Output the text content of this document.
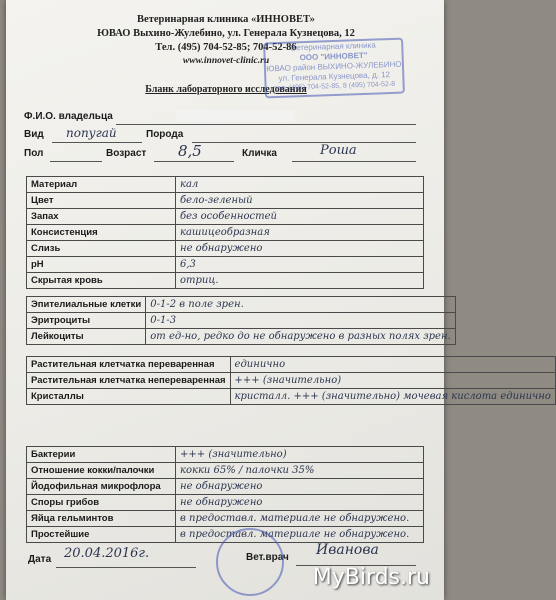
Ветеринарная клиника «ИННОВЕТ»
ЮВАО Выхино-Жулебино, ул. Генерала Кузнецова, 12
Тел. (495) 704-52-85; 704-52-86
www.innovet-clinic.ru
Бланк лабораторного исследования
Ветеринарная клиника
ООО "ИННОВЕТ"
ЮВАО район ВЫХИНО-ЖУЛЕБИНО
ул. Генерала Кузнецова, д. 12
тел. (495) 704-52-85, 8 (495) 704-52-8
Ф.И.О. владельца
Вид попугай	Порода
Пол	Возраст 8,5	Кличка	Роша
Материал	кал
Цвет	бело-зеленый
Запах	без особенностей
Консистенция	кашицеобразная
Слизь	не обнаружено
pH	6,3
Скрытая кровь	отриц.
Эпителиальные клетки	0-1-2 в поле зрен.
Эритроциты	0-1-3
Лейкоциты	от ед-но, редко до не обнаружено в разных полях зрен.
Растительная клетчатка переваренная	единично
Растительная клетчатка непереваренная	+++ (значительно)
Кристаллы	кристалл. +++ (значительно) мочевая кислота единично
Бактерии	+++ (значительно)
Отношение кокки/палочки	кокки 65% / палочки 35%
Йодофильная микрофлора	не обнаружено
Споры грибов	не обнаружено
Яйца гельминтов	в предоставл. материале не обнаружено.
Простейшие	в предоставл. материале не обнаружено.
Дата 20.04.2016г.	Вет.врач Иванова
MyBirds.ru
